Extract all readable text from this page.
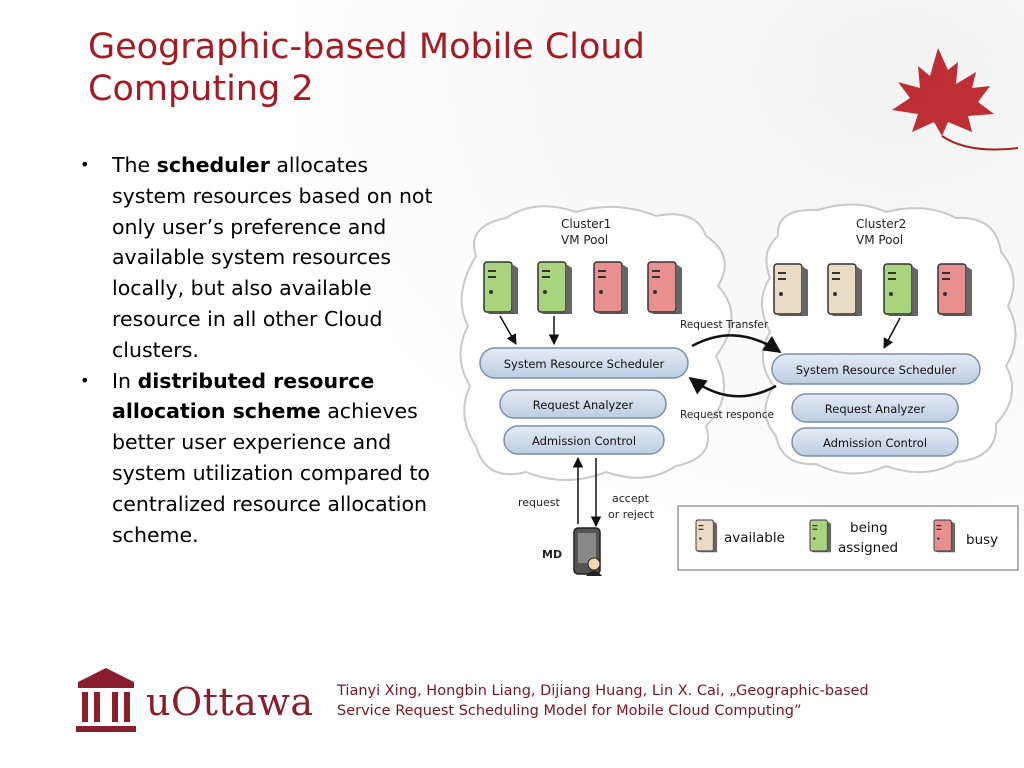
Geographic-based Mobile Cloud
Computing 2
• The scheduler allocates system resources based on not only user’s preference and available system resources locally, but also available resource in all other Cloud clusters.
• In distributed resource allocation scheme achieves better user experience and system utilization compared to centralized resource allocation scheme.
Cluster1
VM Pool
Cluster2
VM Pool
System Resource Scheduler
Request Analyzer
Admission Control
System Resource Scheduler
Request Analyzer
Admission Control
Request Transfer
Request responce
request	accept
or reject
MD
available
being
assigned	busy
uOttawa Tianyi Xing, Hongbin Liang, Dijiang Huang, Lin X. Cai, „Geographic-based
Service Request Scheduling Model for Mobile Cloud Computing”
